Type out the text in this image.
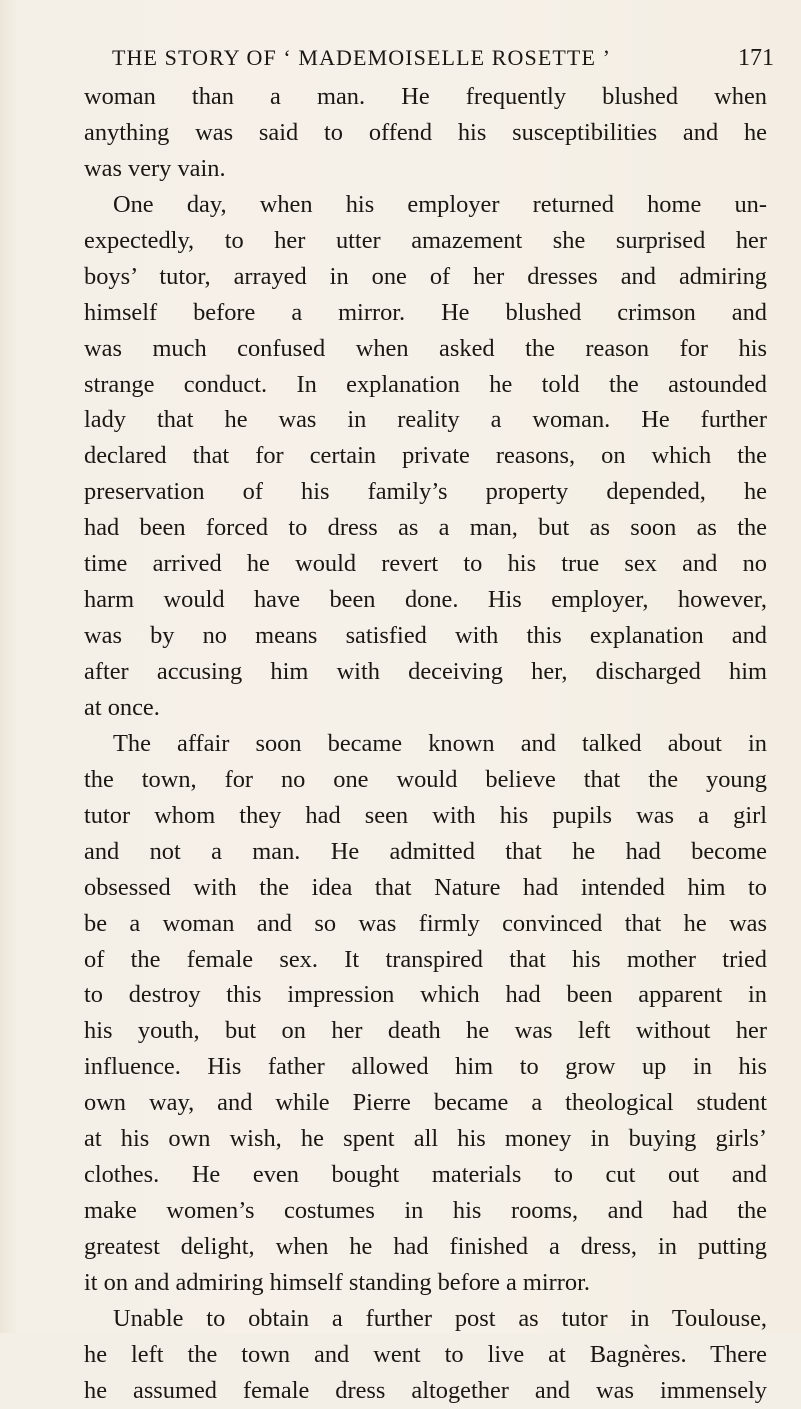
THE STORY OF ‘ MADEMOISELLE ROSETTE ’	171
woman than a man. He frequently blushed when
anything was said to offend his susceptibilities and he
was very vain.
One day, when his employer returned home un-
expectedly, to her utter amazement she surprised her
boys’ tutor, arrayed in one of her dresses and admiring
himself before a mirror. He blushed crimson and
was much confused when asked the reason for his
strange conduct. In explanation he told the astounded
lady that he was in reality a woman. He further
declared that for certain private reasons, on which the
preservation of his family’s property depended, he
had been forced to dress as a man, but as soon as the
time arrived he would revert to his true sex and no
harm would have been done. His employer, however,
was by no means satisfied with this explanation and
after accusing him with deceiving her, discharged him
at once.
The affair soon became known and talked about in
the town, for no one would believe that the young
tutor whom they had seen with his pupils was a girl
and not a man. He admitted that he had become
obsessed with the idea that Nature had intended him to
be a woman and so was firmly convinced that he was
of the female sex. It transpired that his mother tried
to destroy this impression which had been apparent in
his youth, but on her death he was left without her
influence. His father allowed him to grow up in his
own way, and while Pierre became a theological student
at his own wish, he spent all his money in buying girls’
clothes. He even bought materials to cut out and
make women’s costumes in his rooms, and had the
greatest delight, when he had finished a dress, in putting
it on and admiring himself standing before a mirror.
Unable to obtain a further post as tutor in Toulouse,
he left the town and went to live at Bagnères. There
he assumed female dress altogether and was immensely
